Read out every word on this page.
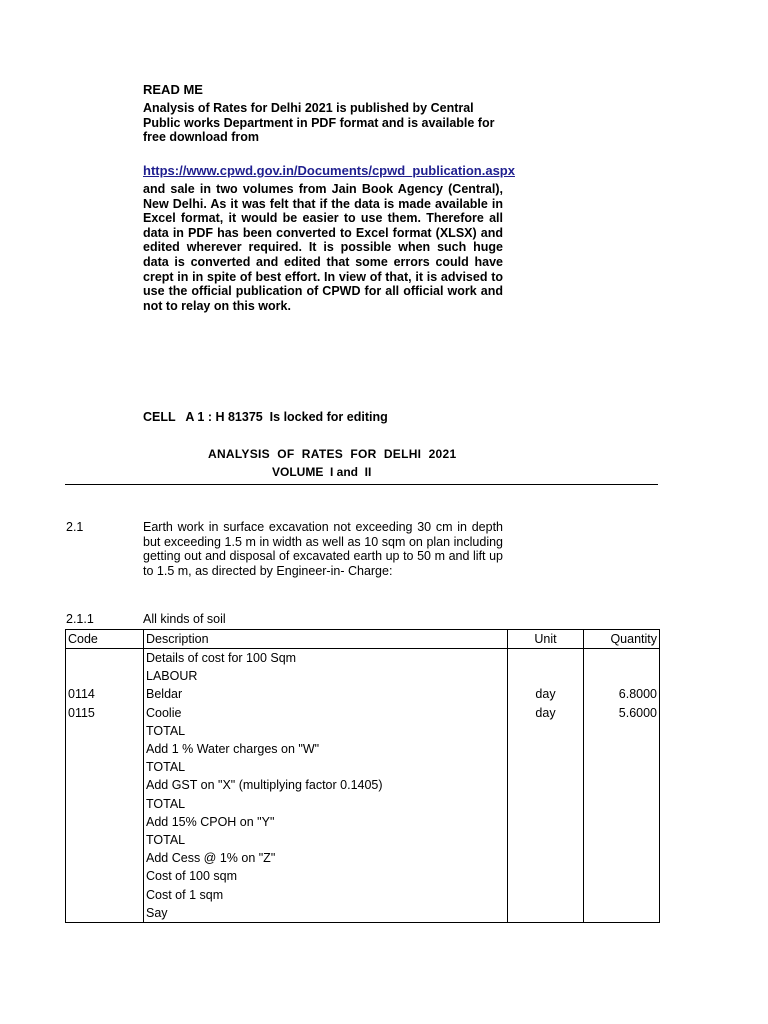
READ ME
Analysis of Rates for Delhi 2021 is published by Central Public works Department in PDF format and is available for free download from
https://www.cpwd.gov.in/Documents/cpwd_publication.aspx
and sale in two volumes from Jain Book Agency (Central), New Delhi. As it was felt that if the data is made available in Excel format, it would be easier to use them. Therefore all data in PDF has been converted to Excel format (XLSX) and edited wherever required. It is possible when such huge data is converted and edited that some errors could have crept in in spite of best effort. In view of that, it is advised to use the official publication of CPWD for all official work and not to relay on this work.
CELL   A 1 : H 81375  Is locked for editing
ANALYSIS  OF  RATES  FOR  DELHI  2021
VOLUME  I and  II
2.1	Earth work in surface excavation not exceeding 30 cm in depth but exceeding 1.5 m in width as well as 10 sqm on plan including getting out and disposal of excavated earth up to 50 m and lift up to 1.5 m, as directed by Engineer-in- Charge:
2.1.1	All kinds of soil
Code	Description	Unit	Quantity
	Details of cost for 100 Sqm		
	LABOUR		
0114	Beldar	day	6.8000
0115	Coolie	day	5.6000
	TOTAL		
	Add 1 % Water charges on "W"		
	TOTAL		
	Add GST on "X" (multiplying factor 0.1405)		
	TOTAL		
	Add 15% CPOH on "Y"		
	TOTAL		
	Add Cess @ 1% on "Z"		
	Cost of 100 sqm		
	Cost of 1 sqm		
	Say		
